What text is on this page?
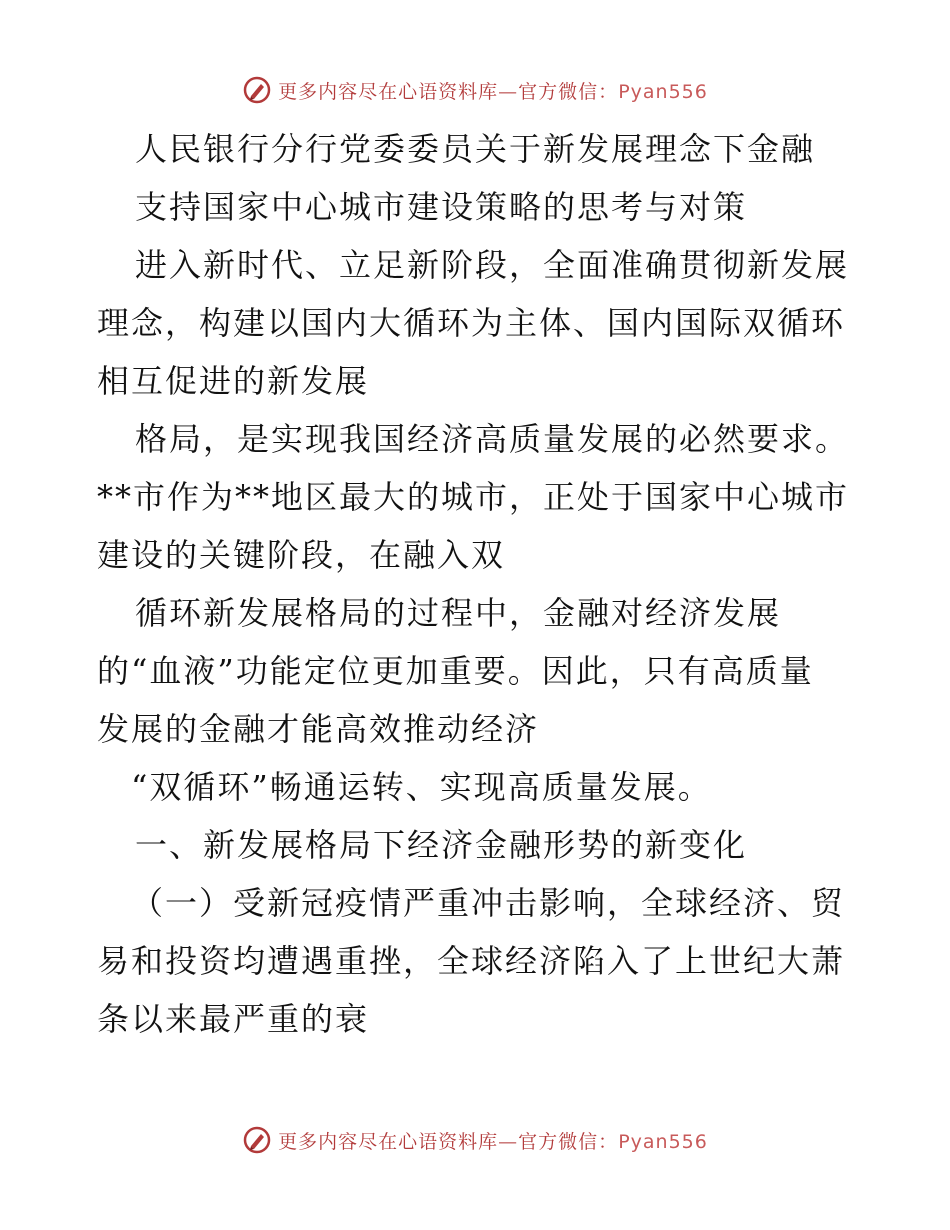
更多内容尽在心语资料库—官方微信：Pyan556
人民银行分行党委委员关于新发展理念下金融
支持国家中心城市建设策略的思考与对策
进入新时代、立足新阶段，全面准确贯彻新发展
理念，构建以国内大循环为主体、国内国际双循环
相互促进的新发展
格局，是实现我国经济高质量发展的必然要求。
**市作为**地区最大的城市，正处于国家中心城市
建设的关键阶段，在融入双
循环新发展格局的过程中，金融对经济发展
的“血液”功能定位更加重要。因此，只有高质量
发展的金融才能高效推动经济
“双循环”畅通运转、实现高质量发展。
一、新发展格局下经济金融形势的新变化
（一）受新冠疫情严重冲击影响，全球经济、贸
易和投资均遭遇重挫，全球经济陷入了上世纪大萧
条以来最严重的衰
更多内容尽在心语资料库—官方微信：Pyan556
